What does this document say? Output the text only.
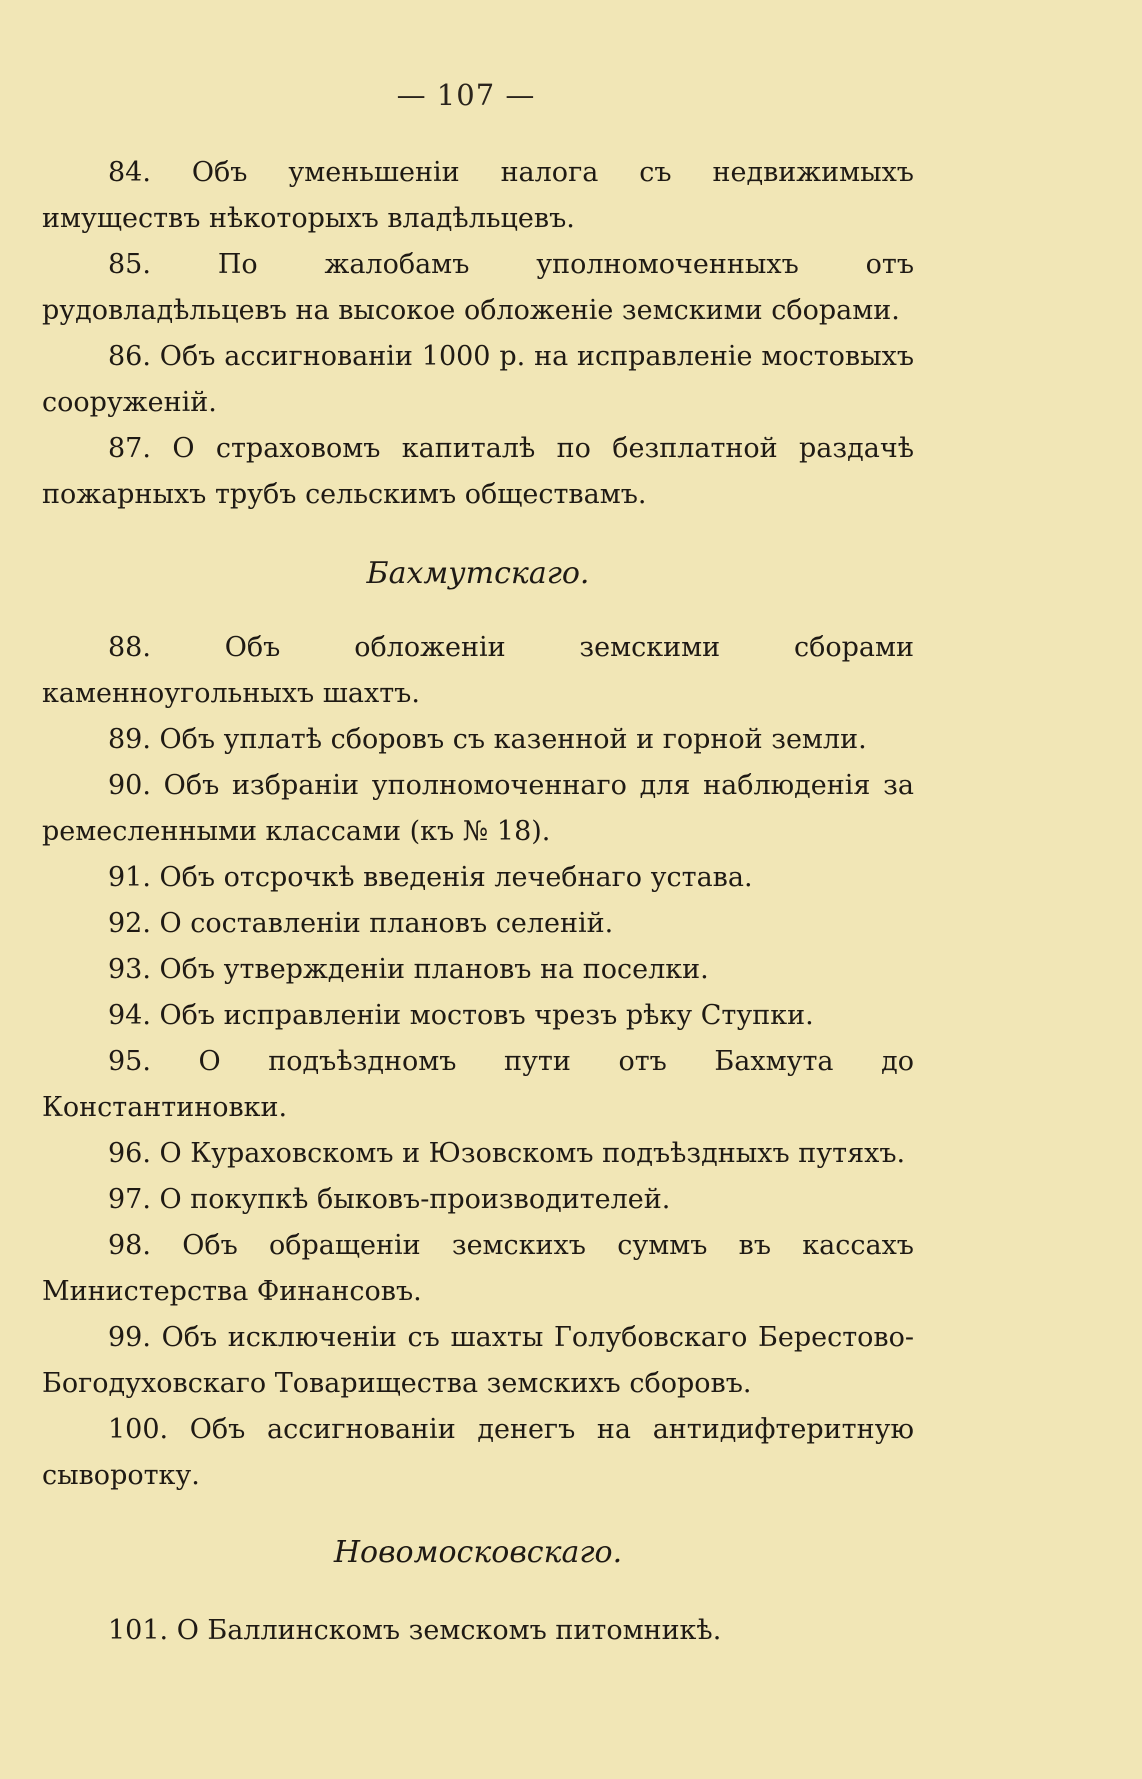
— 107 —

84. Объ уменьшеніи налога съ недвижимыхъ имуществъ нѣкоторыхъ владѣльцевъ.

85. По жалобамъ уполномоченныхъ отъ рудовладѣльцевъ на высокое обложеніе земскими сборами.

86. Объ ассигнованіи 1000 р. на исправленіе мостовыхъ сооруженій.

87. О страховомъ капиталѣ по безплатной раздачѣ пожарныхъ трубъ сельскимъ обществамъ.

Бахмутскаго.

88. Объ обложеніи земскими сборами каменноугольныхъ шахтъ.

89. Объ уплатѣ сборовъ съ казенной и горной земли.

90. Объ избраніи уполномоченнаго для наблюденія за ремесленными классами (къ № 18).

91. Объ отсрочкѣ введенія лечебнаго устава.

92. О составленіи плановъ селеній.

93. Объ утвержденіи плановъ на поселки.

94. Объ исправленіи мостовъ чрезъ рѣку Ступки.

95. О подъѣздномъ пути отъ Бахмута до Константиновки.

96. О Кураховскомъ и Юзовскомъ подъѣздныхъ путяхъ.

97. О покупкѣ быковъ-производителей.

98. Объ обращеніи земскихъ суммъ въ кассахъ Министерства Финансовъ.

99. Объ исключеніи съ шахты Голубовскаго Берестово-Богодуховскаго Товарищества земскихъ сборовъ.

100. Объ ассигнованіи денегъ на антидифтеритную сыворотку.

Новомосковскаго.

101. О Баллинскомъ земскомъ питомникѣ.
